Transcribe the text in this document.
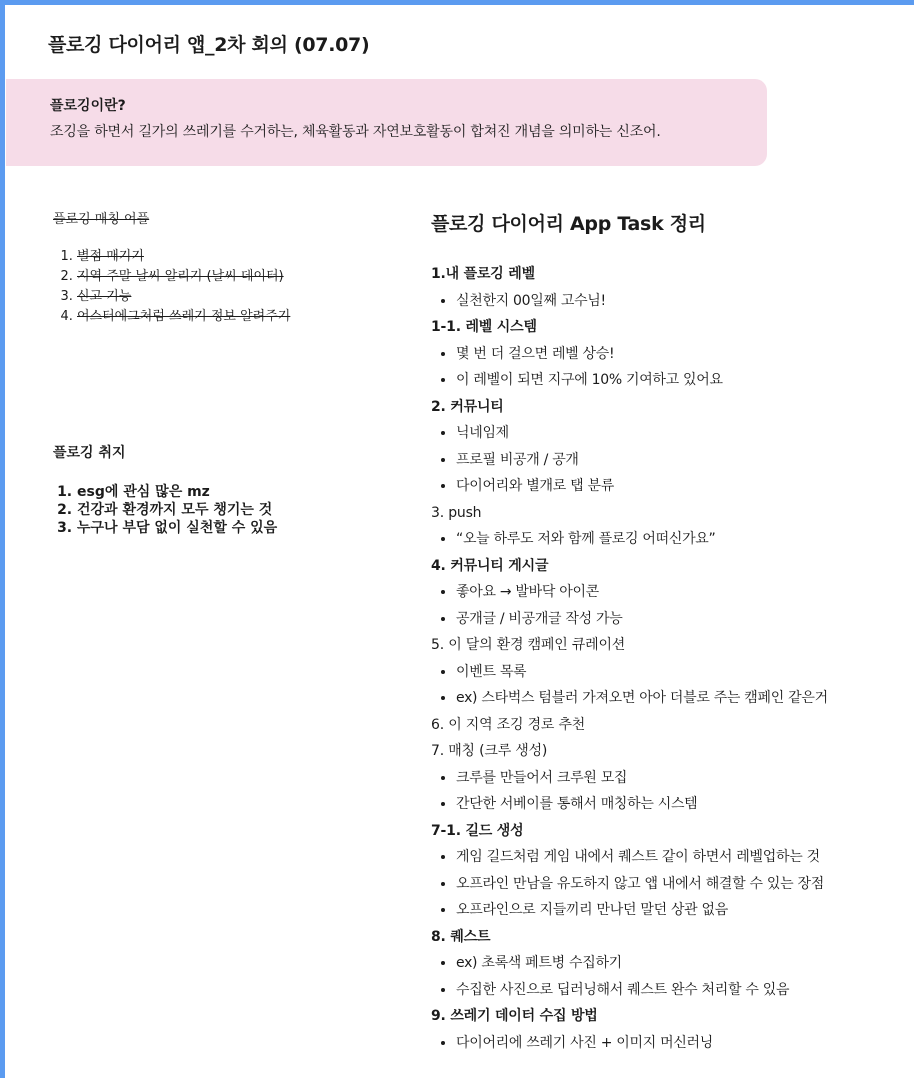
플로깅 다이어리 앱_2차 회의 (07.07)

플로깅이란?

조깅을 하면서 길가의 쓰레기를 수거하는, 체육활동과 자연보호활동이 합쳐진 개념을 의미하는 신조어.

플로깅 매칭 어플

1. 별점 매기기
2. 지역 주말 날씨 알리기 (날씨 데이터)
3. 신고 기능
4. 어스터에그처럼 쓰레기 정보 알려주기

플로깅 취지

1. esg에 관심 많은 mz
2. 건강과 환경까지 모두 챙기는 것
3. 누구나 부담 없이 실천할 수 있음
플로깅 다이어리 App Task 정리

1.내 플로깅 레벨

• 실천한지 00일째 고수님!

1-1. 레벨 시스템

• 몇 번 더 걸으면 레벨 상승!
• 이 레벨이 되면 지구에 10% 기여하고 있어요

2. 커뮤니티

• 닉네임제
• 프로필 비공개 / 공개
• 다이어리와 별개로 탭 분류

3. push

• “오늘 하루도 저와 함께 플로깅 어떠신가요”

4. 커뮤니티 게시글

• 좋아요 → 발바닥 아이콘
• 공개글 / 비공개글 작성 가능

5. 이 달의 환경 캠페인 큐레이션

• 이벤트 목록
• ex) 스타벅스 텀블러 가져오면 아아 더블로 주는 캠페인 같은거

6. 이 지역 조깅 경로 추천

7. 매칭 (크루 생성)

• 크루를 만들어서 크루원 모집
• 간단한 서베이를 통해서 매칭하는 시스템

7-1. 길드 생성

• 게임 길드처럼 게임 내에서 퀘스트 같이 하면서 레벨업하는 것
• 오프라인 만남을 유도하지 않고 앱 내에서 해결할 수 있는 장점
• 오프라인으로 지들끼리 만나던 말던 상관 없음

8. 퀘스트

• ex) 초록색 페트병 수집하기
• 수집한 사진으로 딥러닝해서 퀘스트 완수 처리할 수 있음

9. 쓰레기 데이터 수집 방법

• 다이어리에 쓰레기 사진 + 이미지 머신러닝
